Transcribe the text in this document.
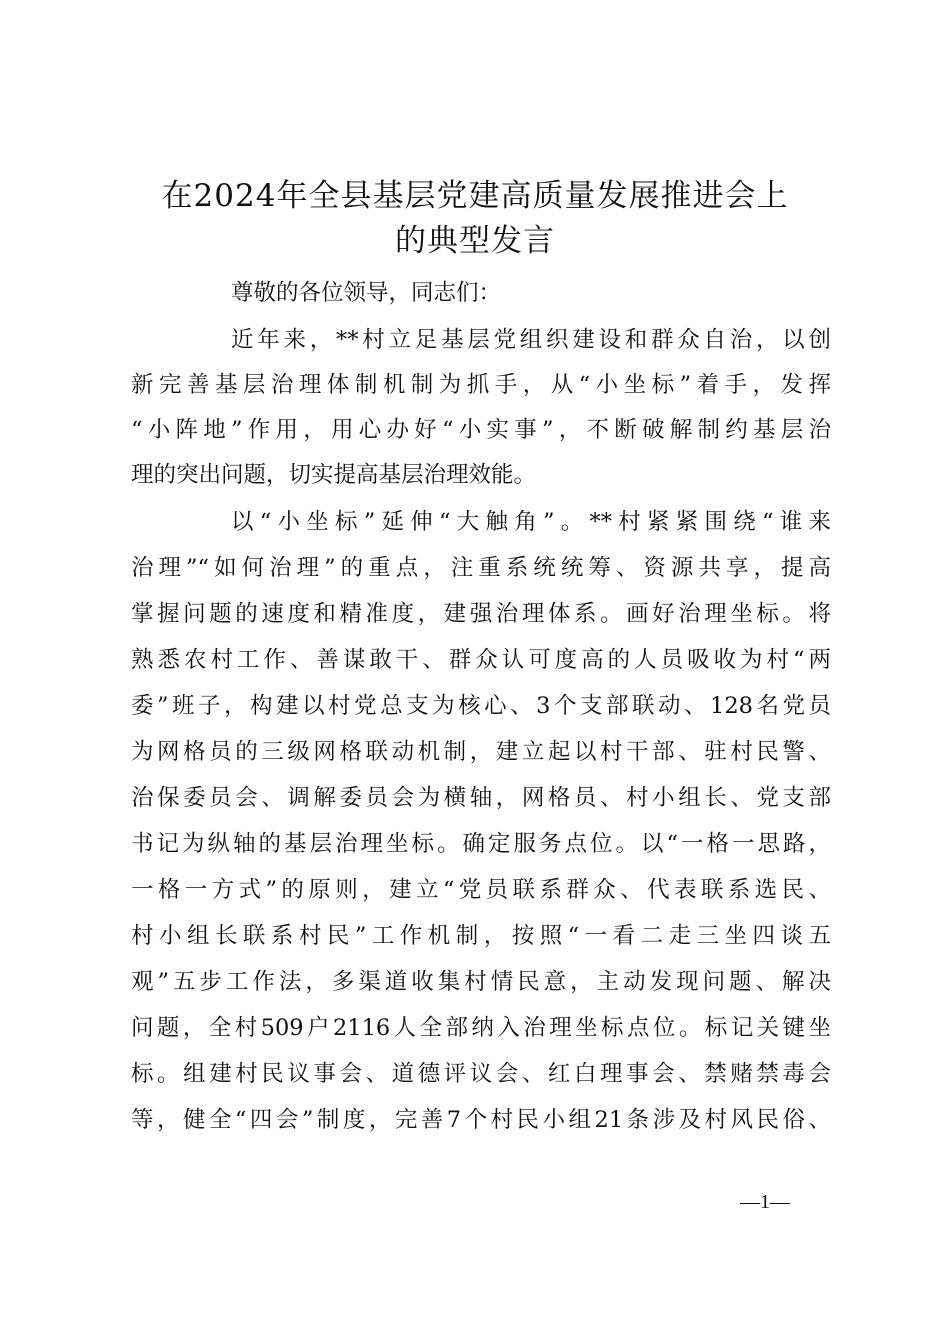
在2024年全县基层党建高质量发展推进会上
的典型发言
尊敬的各位领导，同志们：
近年来，**村立足基层党组织建设和群众自治，以创
新完善基层治理体制机制为抓手，从“小坐标”着手，发挥
“小阵地”作用，用心办好“小实事”，不断破解制约基层治
理的突出问题，切实提高基层治理效能。
以“小坐标”延伸“大触角”。**村紧紧围绕“谁来
治理”“如何治理”的重点，注重系统统筹、资源共享，提高
掌握问题的速度和精准度，建强治理体系。画好治理坐标。将
熟悉农村工作、善谋敢干、群众认可度高的人员吸收为村“两
委”班子，构建以村党总支为核心、3个支部联动、128名党员
为网格员的三级网格联动机制，建立起以村干部、驻村民警、
治保委员会、调解委员会为横轴，网格员、村小组长、党支部
书记为纵轴的基层治理坐标。确定服务点位。以“一格一思路，
一格一方式”的原则，建立“党员联系群众、代表联系选民、
村小组长联系村民”工作机制，按照“一看二走三坐四谈五
观”五步工作法，多渠道收集村情民意，主动发现问题、解决
问题，全村509户2116人全部纳入治理坐标点位。标记关键坐
标。组建村民议事会、道德评议会、红白理事会、禁赌禁毒会
等，健全“四会”制度，完善7个村民小组21条涉及村风民俗、
—1—
